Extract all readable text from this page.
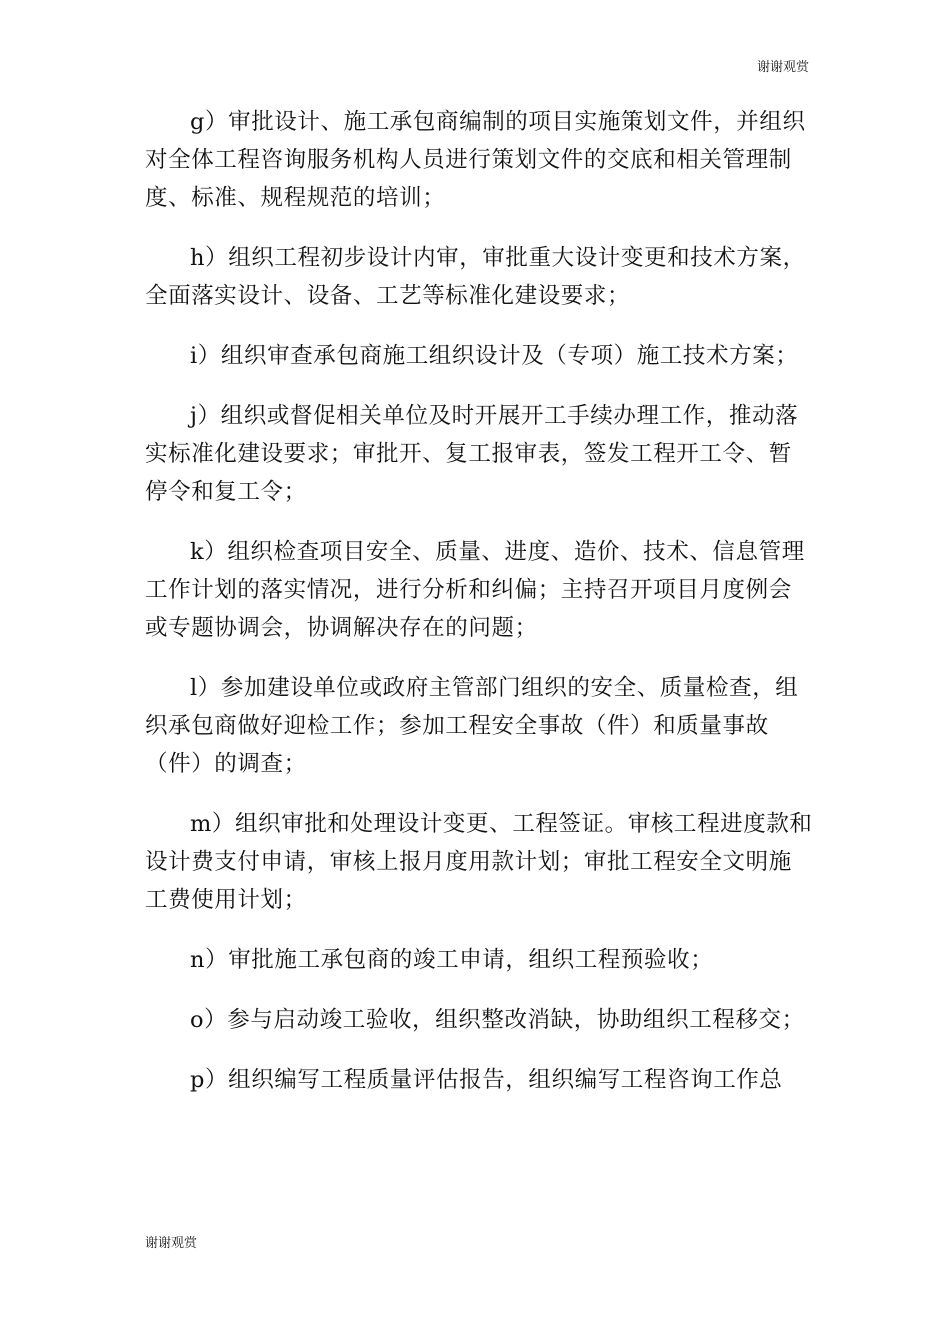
谢谢观赏

g）审批设计、施工承包商编制的项目实施策划文件，并组织对全体工程咨询服务机构人员进行策划文件的交底和相关管理制度、标准、规程规范的培训；

h）组织工程初步设计内审，审批重大设计变更和技术方案，全面落实设计、设备、工艺等标准化建设要求；

i）组织审查承包商施工组织设计及（专项）施工技术方案；

j）组织或督促相关单位及时开展开工手续办理工作，推动落实标准化建设要求；审批开、复工报审表，签发工程开工令、暂停令和复工令；

k）组织检查项目安全、质量、进度、造价、技术、信息管理工作计划的落实情况，进行分析和纠偏；主持召开项目月度例会或专题协调会，协调解决存在的问题；

l）参加建设单位或政府主管部门组织的安全、质量检查，组织承包商做好迎检工作；参加工程安全事故（件）和质量事故（件）的调查；

m）组织审批和处理设计变更、工程签证。审核工程进度款和设计费支付申请，审核上报月度用款计划；审批工程安全文明施工费使用计划；

n）审批施工承包商的竣工申请，组织工程预验收；

o）参与启动竣工验收，组织整改消缺，协助组织工程移交；

p）组织编写工程质量评估报告，组织编写工程咨询工作总

谢谢观赏
